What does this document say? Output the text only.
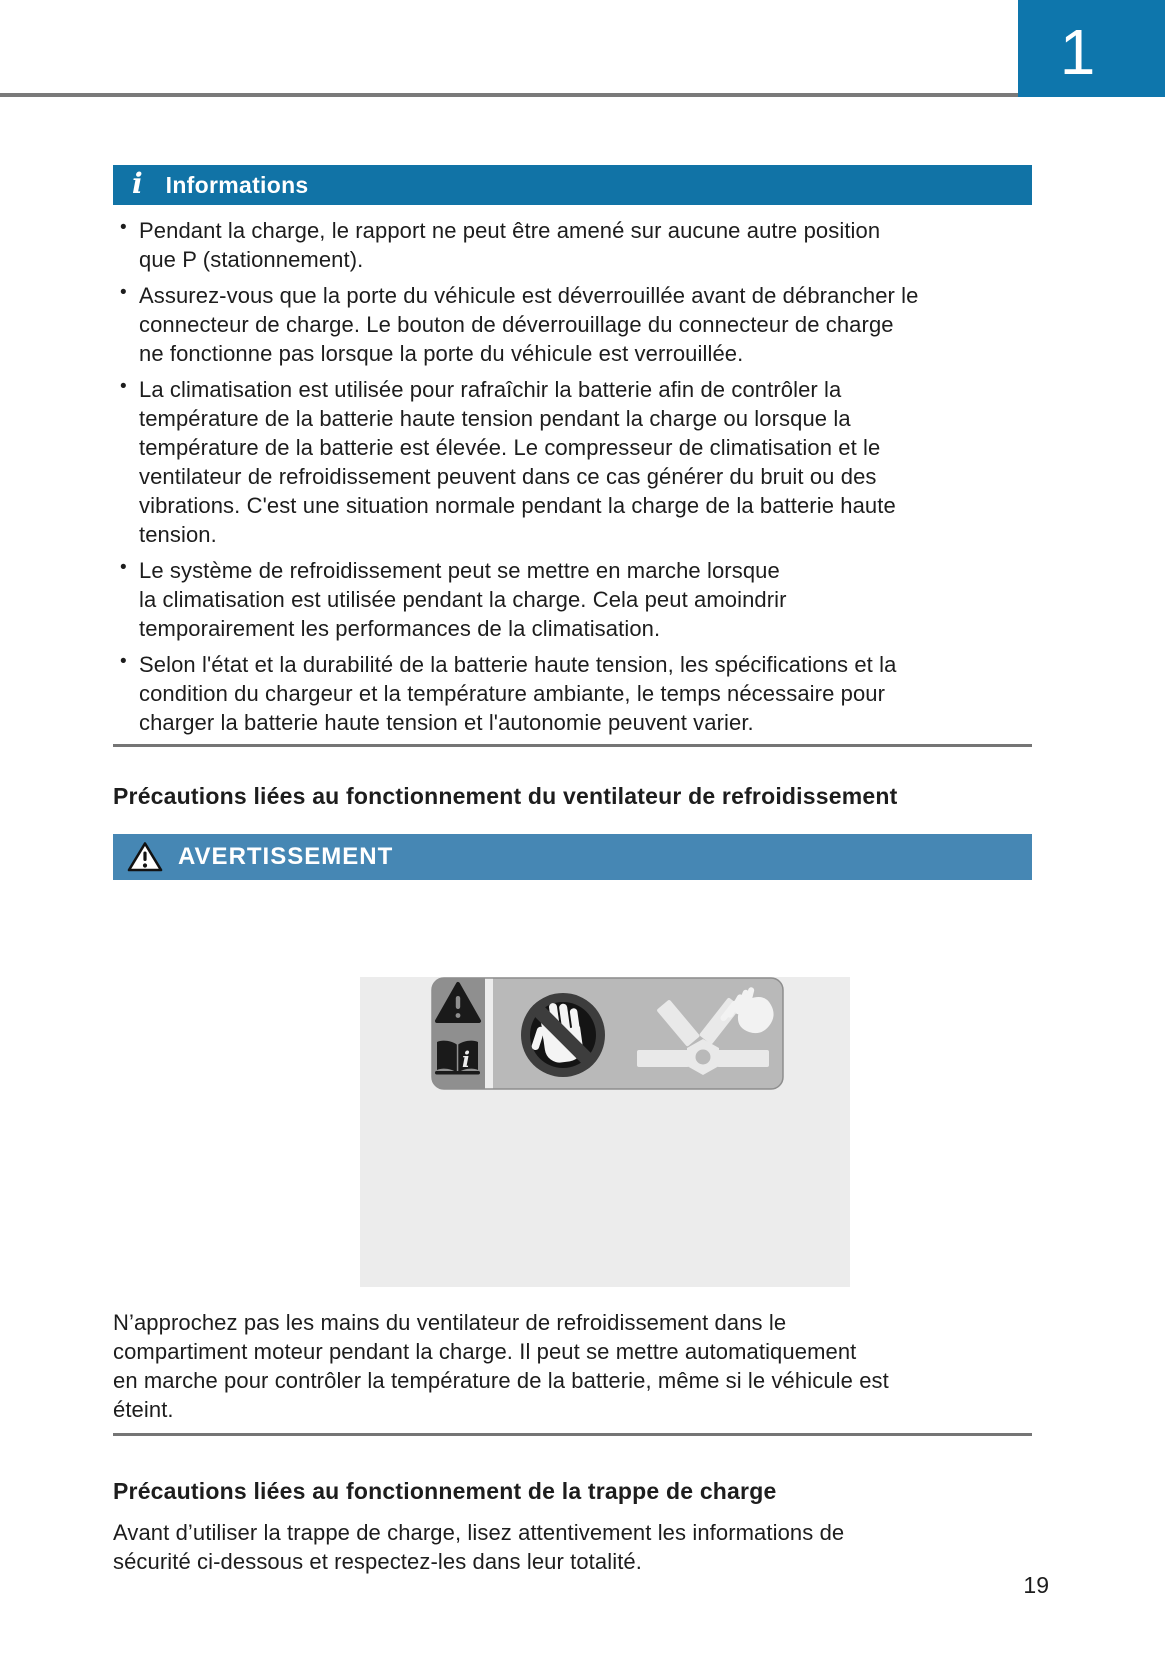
1
i Informations
• Pendant la charge, le rapport ne peut être amené sur aucune autre position
que P (stationnement).
• Assurez-vous que la porte du véhicule est déverrouillée avant de débrancher le
connecteur de charge. Le bouton de déverrouillage du connecteur de charge
ne fonctionne pas lorsque la porte du véhicule est verrouillée.
• La climatisation est utilisée pour rafraîchir la batterie afin de contrôler la
température de la batterie haute tension pendant la charge ou lorsque la
température de la batterie est élevée. Le compresseur de climatisation et le
ventilateur de refroidissement peuvent dans ce cas générer du bruit ou des
vibrations. C'est une situation normale pendant la charge de la batterie haute
tension.
• Le système de refroidissement peut se mettre en marche lorsque
la climatisation est utilisée pendant la charge. Cela peut amoindrir
temporairement les performances de la climatisation.
• Selon l'état et la durabilité de la batterie haute tension, les spécifications et la
condition du chargeur et la température ambiante, le temps nécessaire pour
charger la batterie haute tension et l'autonomie peuvent varier.
Précautions liées au fonctionnement du ventilateur de refroidissement
AVERTISSEMENT
i

N’approchez pas les mains du ventilateur de refroidissement dans le
compartiment moteur pendant la charge. Il peut se mettre automatiquement
en marche pour contrôler la température de la batterie, même si le véhicule est
éteint.

Précautions liées au fonctionnement de la trappe de charge

Avant d’utiliser la trappe de charge, lisez attentivement les informations de
sécurité ci-dessous et respectez-les dans leur totalité.

19
